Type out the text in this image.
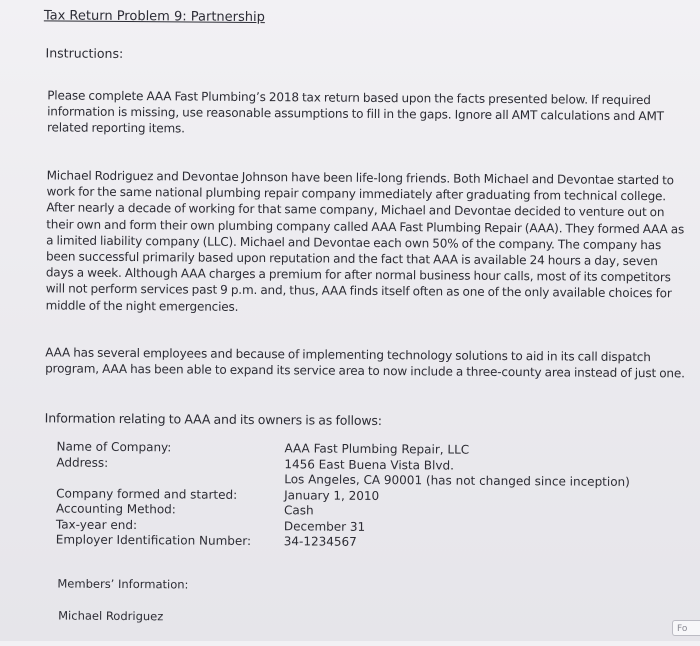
Tax Return Problem 9: Partnership
Instructions:

Please complete AAA Fast Plumbing’s 2018 tax return based upon the facts presented below. If required information is missing, use reasonable assumptions to fill in the gaps. Ignore all AMT calculations and AMT related reporting items.

Michael Rodriguez and Devontae Johnson have been life-long friends. Both Michael and Devontae started to work for the same national plumbing repair company immediately after graduating from technical college. After nearly a decade of working for that same company, Michael and Devontae decided to venture out on their own and form their own plumbing company called AAA Fast Plumbing Repair (AAA). They formed AAA as a limited liability company (LLC). Michael and Devontae each own 50% of the company. The company has been successful primarily based upon reputation and the fact that AAA is available 24 hours a day, seven days a week. Although AAA charges a premium for after normal business hour calls, most of its competitors will not perform services past 9 p.m. and, thus, AAA finds itself often as one of the only available choices for middle of the night emergencies.

AAA has several employees and because of implementing technology solutions to aid in its call dispatch program, AAA has been able to expand its service area to now include a three-county area instead of just one.

Information relating to AAA and its owners is as follows:

Name of Company:	AAA Fast Plumbing Repair, LLC
Address:	1456 East Buena Vista Blvd.
Los Angeles, CA 90001 (has not changed since inception)
Company formed and started:	January 1, 2010
Accounting Method:	Cash
Tax-year end:	December 31
Employer Identification Number:	34-1234567
Members’ Information:

Michael Rodriguez

Fo
